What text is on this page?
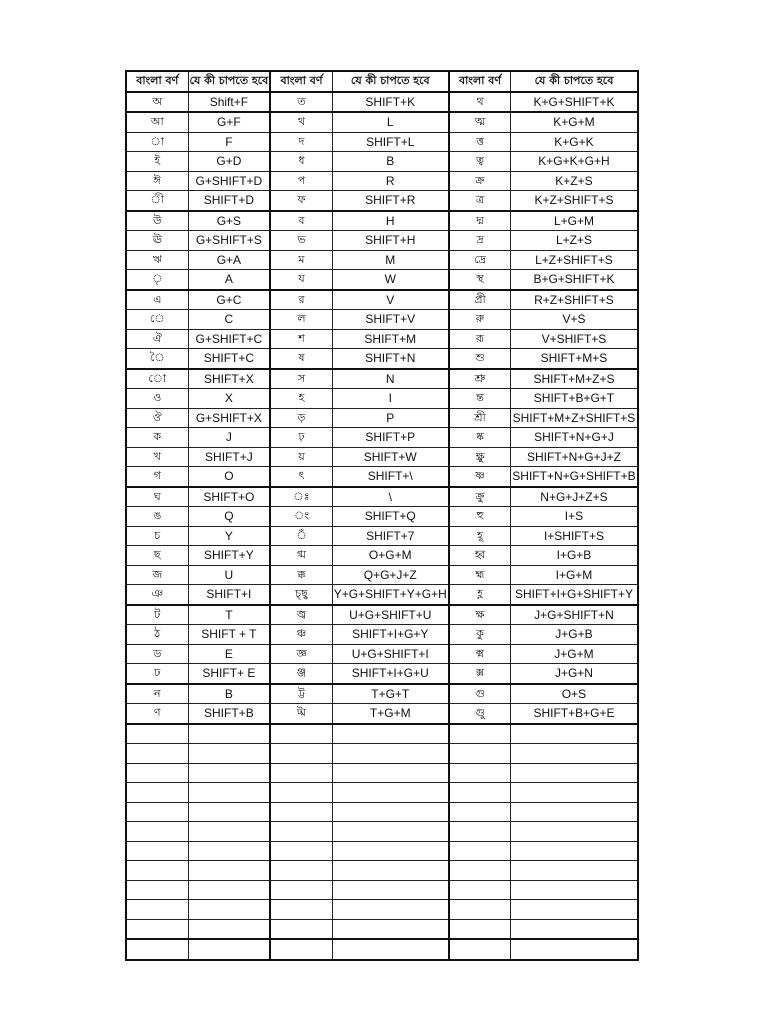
বাংলা বর্ণ	যে কী চাপতে হবে	বাংলা বর্ণ	যে কী চাপতে হবে	বাংলা বর্ণ	যে কী চাপতে হবে
অ	Shift+F	ত	SHIFT+K	থ	K+G+SHIFT+K
আ	G+F	থ	L	ত্ম	K+G+M
া	F	দ	SHIFT+L	ত্ত	K+G+K
ই	G+D	ধ	B	ত্ব	K+G+K+G+H
ঈ	G+SHIFT+D	প	R	ক্র	K+Z+S
ী	SHIFT+D	ফ	SHIFT+R	ত্র	K+Z+SHIFT+S
উ	G+S	ব	H	দ্ম	L+G+M
ঊ	G+SHIFT+S	ভ	SHIFT+H	দ্র	L+Z+S
ঋ	G+A	ম	M	দ্রে	L+Z+SHIFT+S
ৃ	A	য	W	স্থ	B+G+SHIFT+K
এ	G+C	র	V	প্রী	R+Z+SHIFT+S
ে	C	ল	SHIFT+V	রু	V+S
ঐ	G+SHIFT+C	শ	SHIFT+M	রূ	V+SHIFT+S
ৈ	SHIFT+C	ষ	SHIFT+N	শু	SHIFT+M+S
ো	SHIFT+X	স	N	শ্রু	SHIFT+M+Z+S
ও	X	হ	I	ন্ত	SHIFT+B+G+T
ঔ	G+SHIFT+X	ড়	P	শ্রী	SHIFT+M+Z+SHIFT+S
ক	J	ঢ়	SHIFT+P	ষ্ক	SHIFT+N+G+J
খ	SHIFT+J	য়	SHIFT+W	ক্ষ্রু	SHIFT+N+G+J+Z
গ	O	ৎ	SHIFT+\	ষ্ণ	SHIFT+N+G+SHIFT+B
ঘ	SHIFT+O	ঃ	\	ক্রু	N+G+J+Z+S
ঙ	Q	ং	SHIFT+Q	হু	I+S
চ	Y	ঁ	SHIFT+7	হূ	I+SHIFT+S
ছ	SHIFT+Y	গ্ম	O+G+M	হ্ব	I+G+B
জ	U	ক্ক	Q+G+J+Z	হ্ম	I+G+M
ঞ	SHIFT+I	চ্ছ্ব	Y+G+SHIFT+Y+G+H	হ্ণ	SHIFT+I+G+SHIFT+Y
ট	T	জ্ব	U+G+SHIFT+U	ক্ষ	J+G+SHIFT+N
ঠ	SHIFT + T	ঞ্চ	SHIFT+I+G+Y	কু	J+G+B
ড	E	জ্ঞ	U+G+SHIFT+I	ক্ম	J+G+M
ঢ	SHIFT+ E	ঞ্জ	SHIFT+I+G+U	ক্স	J+G+N
ন	B	ট্ট	T+G+T	গু	O+S
ণ	SHIFT+B	ট্ম	T+G+M	গুু	SHIFT+B+G+E
